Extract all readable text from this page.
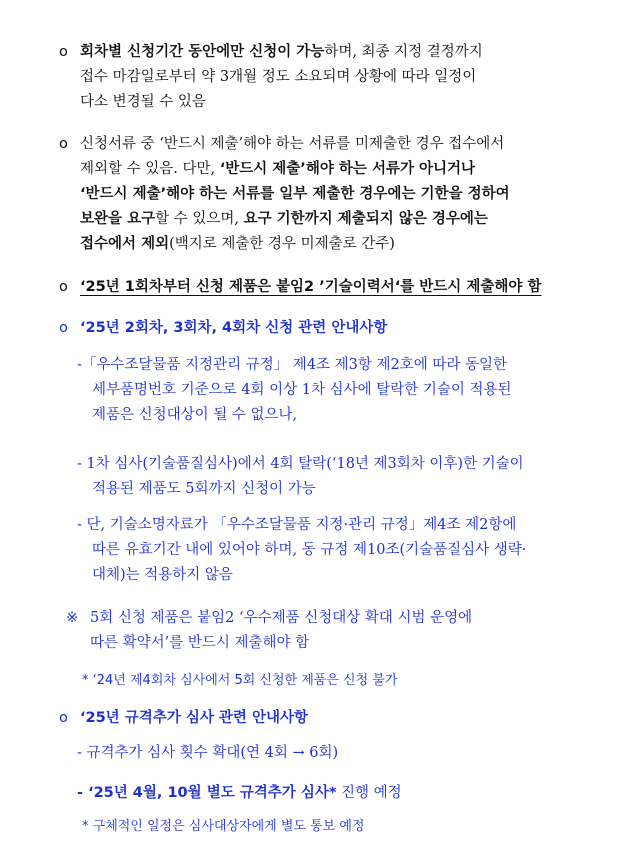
o 회차별 신청기간 동안에만 신청이 가능하며, 최종 지정 결정까지
접수 마감일로부터 약 3개월 정도 소요되며 상황에 따라 일정이
다소 변경될 수 있음
o 신청서류 중 ‘반드시 제출’해야 하는 서류를 미제출한 경우 접수에서
제외할 수 있음. 다만, ‘반드시 제출’해야 하는 서류가 아니거나
‘반드시 제출’해야 하는 서류를 일부 제출한 경우에는 기한을 정하여
보완을 요구할 수 있으며, 요구 기한까지 제출되지 않은 경우에는
접수에서 제외(백지로 제출한 경우 미제출로 간주)
o ‘25년 1회차부터 신청 제품은 붙임2 ’기술이력서‘를 반드시 제출해야 함
o ‘25년 2회차, 3회차, 4회차 신청 관련 안내사항
-「우수조달물품 지정관리 규정」 제4조 제3항 제2호에 따라 동일한
세부품명번호 기준으로 4회 이상 1차 심사에 탈락한 기술이 적용된
제품은 신청대상이 될 수 없으나,
- 1차 심사(기술품질심사)에서 4회 탈락(‘18년 제3회차 이후)한 기술이
적용된 제품도 5회까지 신청이 가능
- 단, 기술소명자료가 「우수조달물품 지정·관리 규정」제4조 제2항에
따른 유효기간 내에 있어야 하며, 동 규정 제10조(기술품질심사 생략·
대체)는 적용하지 않음
※ 5회 신청 제품은 붙임2 ‘우수제품 신청대상 확대 시범 운영에
따른 확약서’를 반드시 제출해야 함
* ‘24년 제4회차 심사에서 5회 신청한 제품은 신청 불가
o ‘25년 규격추가 심사 관련 안내사항
- 규격추가 심사 횟수 확대(연 4회 → 6회)
- ‘25년 4월, 10월 별도 규격추가 심사* 진행 예정
* 구체적인 일정은 심사대상자에게 별도 통보 예정
